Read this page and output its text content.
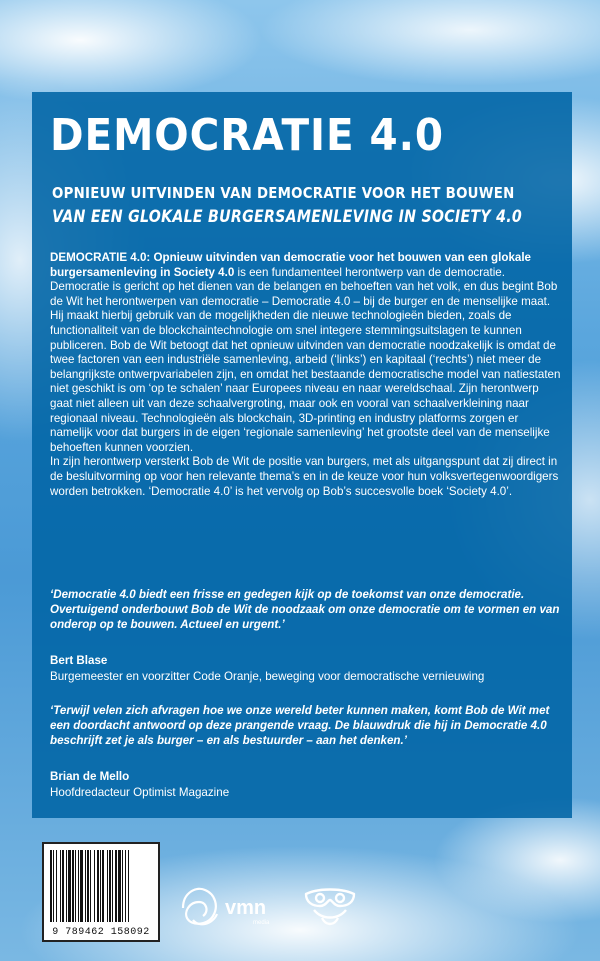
DEMOCRATIE 4.0
OPNIEUW UITVINDEN VAN DEMOCRATIE VOOR HET BOUWEN
VAN EEN GLOKALE BURGERSAMENLEVING IN SOCIETY 4.0

DEMOCRATIE 4.0: Opnieuw uitvinden van democratie voor het bouwen van een glokale burgersamenleving in Society 4.0 is een fundamenteel herontwerp van de democratie. Democratie is gericht op het dienen van de belangen en behoeften van het volk, en dus begint Bob de Wit het herontwerpen van democratie – Democratie 4.0 – bij de burger en de menselijke maat. Hij maakt hierbij gebruik van de mogelijkheden die nieuwe technologieën bieden, zoals de functionaliteit van de blockchaintechnologie om snel integere stemmingsuitslagen te kunnen publiceren. Bob de Wit betoogt dat het opnieuw uitvinden van democratie noodzakelijk is omdat de twee factoren van een industriële samenleving, arbeid (‘links’) en kapitaal (‘rechts’) niet meer de belangrijkste ontwerpvariabelen zijn, en omdat het bestaande democratische model van natiestaten niet geschikt is om ‘op te schalen’ naar Europees niveau en naar wereldschaal. Zijn herontwerp gaat niet alleen uit van deze schaalvergroting, maar ook en vooral van schaalverkleining naar regionaal niveau. Technologieën als blockchain, 3D-printing en industry platforms zorgen er namelijk voor dat burgers in de eigen ‘regionale samenleving’ het grootste deel van de menselijke behoeften kunnen voorzien.
In zijn herontwerp versterkt Bob de Wit de positie van burgers, met als uitgangspunt dat zij direct in de besluitvorming op voor hen relevante thema’s en in de keuze voor hun volksvertegenwoordigers worden betrokken. ‘Democratie 4.0’ is het vervolg op Bob’s succesvolle boek ‘Society 4.0’.

‘Democratie 4.0 biedt een frisse en gedegen kijk op de toekomst van onze democratie. Overtuigend onderbouwt Bob de Wit de noodzaak om onze democratie om te vormen en van onderop op te bouwen. Actueel en urgent.’

Bert Blase

Burgemeester en voorzitter Code Oranje, beweging voor democratische vernieuwing

‘Terwijl velen zich afvragen hoe we onze wereld beter kunnen maken, komt Bob de Wit met een doordacht antwoord op deze prangende vraag. De blauwdruk die hij in Democratie 4.0 beschrijft zet je als burger – en als bestuurder – aan het denken.’

Brian de Mello

Hoofdredacteur Optimist Magazine

9 789462 158092
vmn
media
